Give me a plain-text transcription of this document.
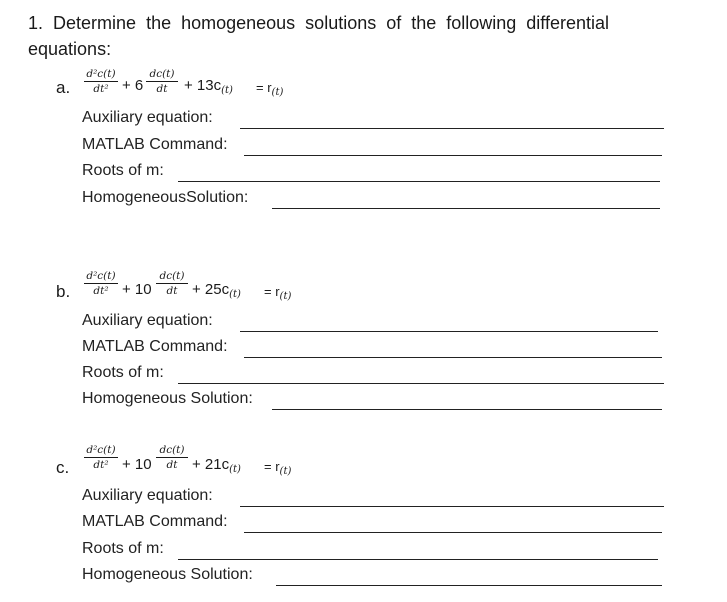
1. Determine the homogeneous solutions of the following differential equations:
a.
d²c(t)
dt² + 6
dc(t)
dt	+ $13c_{(t)} = r_{(t)}$
Auxiliary equation:
MATLAB Command:
Roots of m:
HomogeneousSolution:
b.
d²c(t)
dt² + 10
dc(t)
dt + $25c_{(t)} = r_{(t)}$
Auxiliary equation:
MATLAB Command:
Roots of m:
Homogeneous Solution:
c.
d²c(t)
dt² + 10
dc(t)
dt + $21c_{(t)} = r_{(t)}$
Auxiliary equation:
MATLAB Command:
Roots of m:
Homogeneous Solution:
